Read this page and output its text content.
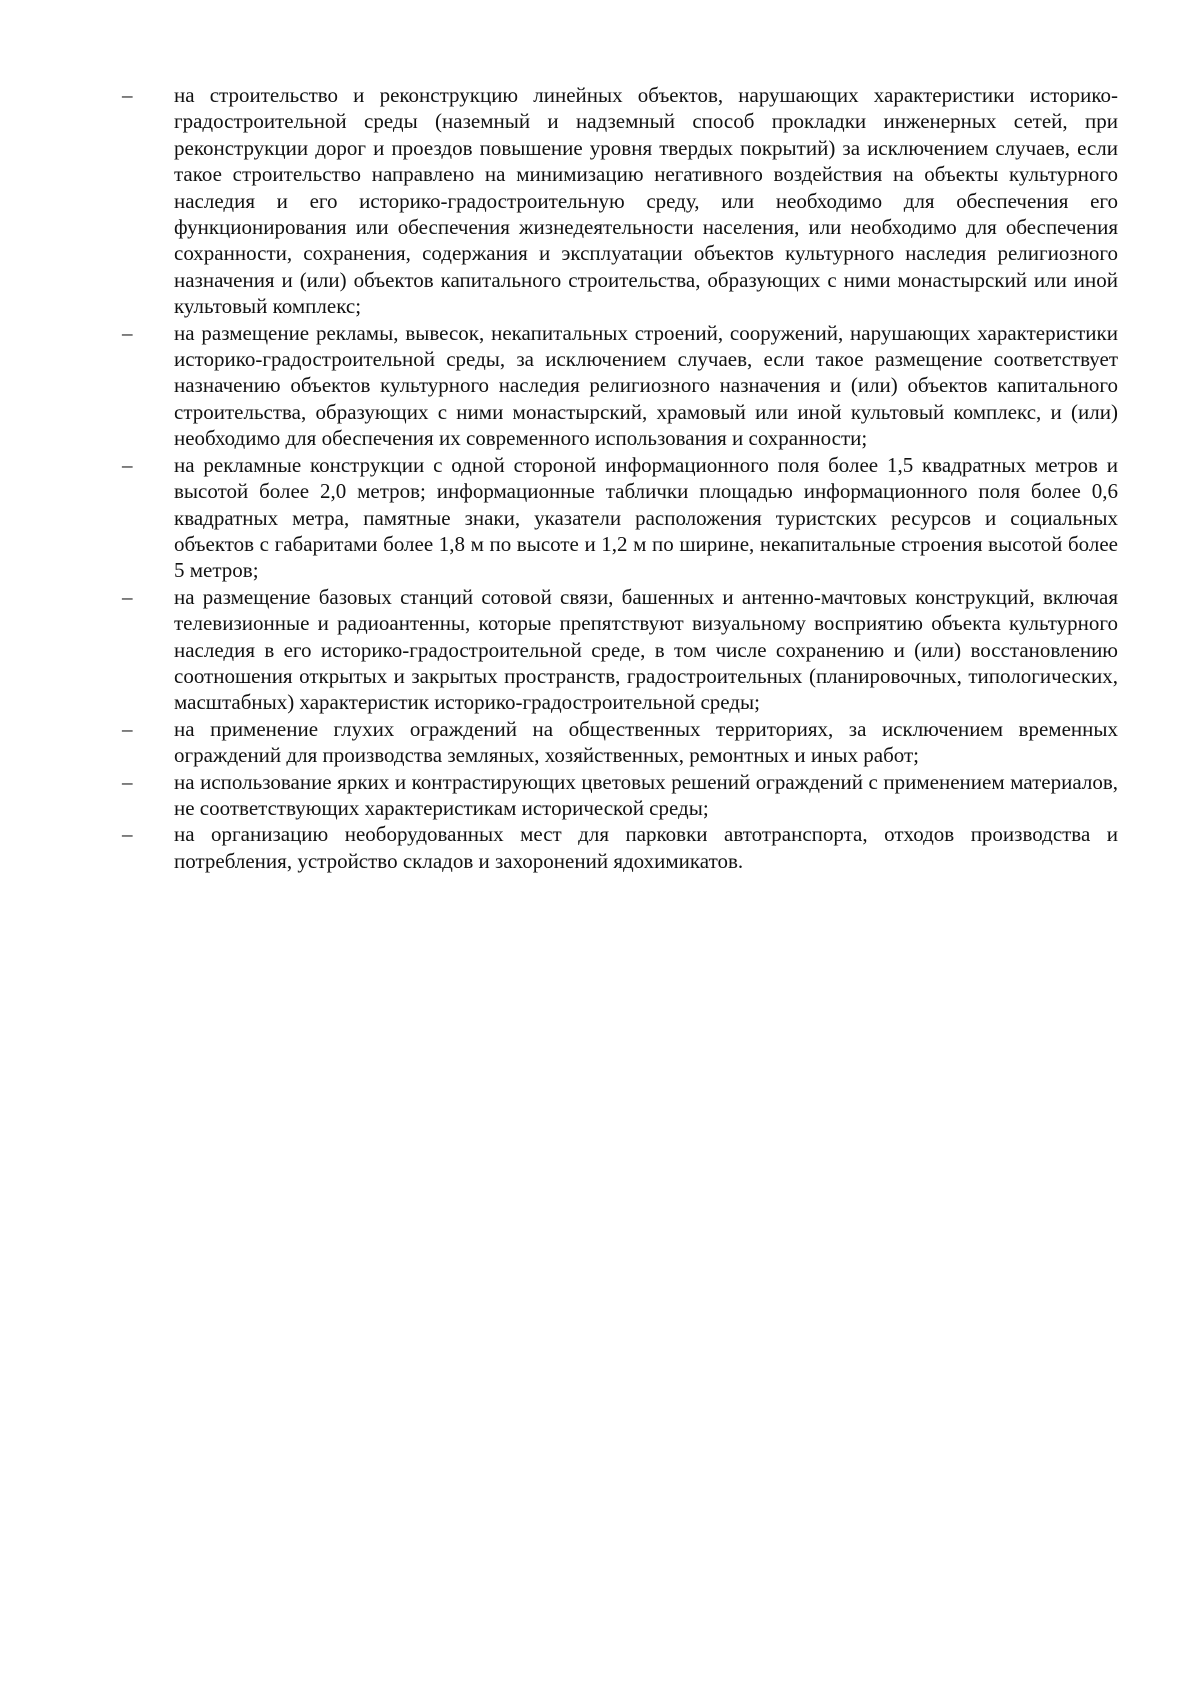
–	на строительство и реконструкцию линейных объектов, нарушающих характеристики историко-градостроительной среды (наземный и надземный способ прокладки инженерных сетей, при реконструкции дорог и проездов повышение уровня твердых покрытий) за исключением случаев, если такое строительство направлено на минимизацию негативного воздействия на объекты культурного наследия и его историко-градостроительную среду, или необходимо для обеспечения его функционирования или обеспечения жизнедеятельности населения, или необходимо для обеспечения сохранности, сохранения, содержания и эксплуатации объектов культурного наследия религиозного назначения и (или) объектов капитального строительства, образующих с ними монастырский или иной культовый комплекс;
–	на размещение рекламы, вывесок, некапитальных строений, сооружений, нарушающих характеристики историко-градостроительной среды, за исключением случаев, если такое размещение соответствует назначению объектов культурного наследия религиозного назначения и (или) объектов капитального строительства, образующих с ними монастырский, храмовый или иной культовый комплекс, и (или) необходимо для обеспечения их современного использования и сохранности;
–	на рекламные конструкции с одной стороной информационного поля более 1,5 квадратных метров и высотой более 2,0 метров; информационные таблички площадью информационного поля более 0,6 квадратных метра, памятные знаки, указатели расположения туристских ресурсов и социальных объектов с габаритами более 1,8 м по высоте и 1,2 м по ширине, некапитальные строения высотой более 5 метров;
–	на размещение базовых станций сотовой связи, башенных и антенно-мачтовых конструкций, включая телевизионные и радиоантенны, которые препятствуют визуальному восприятию объекта культурного наследия в его историко-градостроительной среде, в том числе сохранению и (или) восстановлению соотношения открытых и закрытых пространств, градостроительных (планировочных, типологических, масштабных) характеристик историко-градостроительной среды;
–	на применение глухих ограждений на общественных территориях, за исключением временных ограждений для производства земляных, хозяйственных, ремонтных и иных работ;
–	на использование ярких и контрастирующих цветовых решений ограждений с применением материалов, не соответствующих характеристикам исторической среды;
–	на организацию необорудованных мест для парковки автотранспорта, отходов производства и потребления, устройство складов и захоронений ядохимикатов.
